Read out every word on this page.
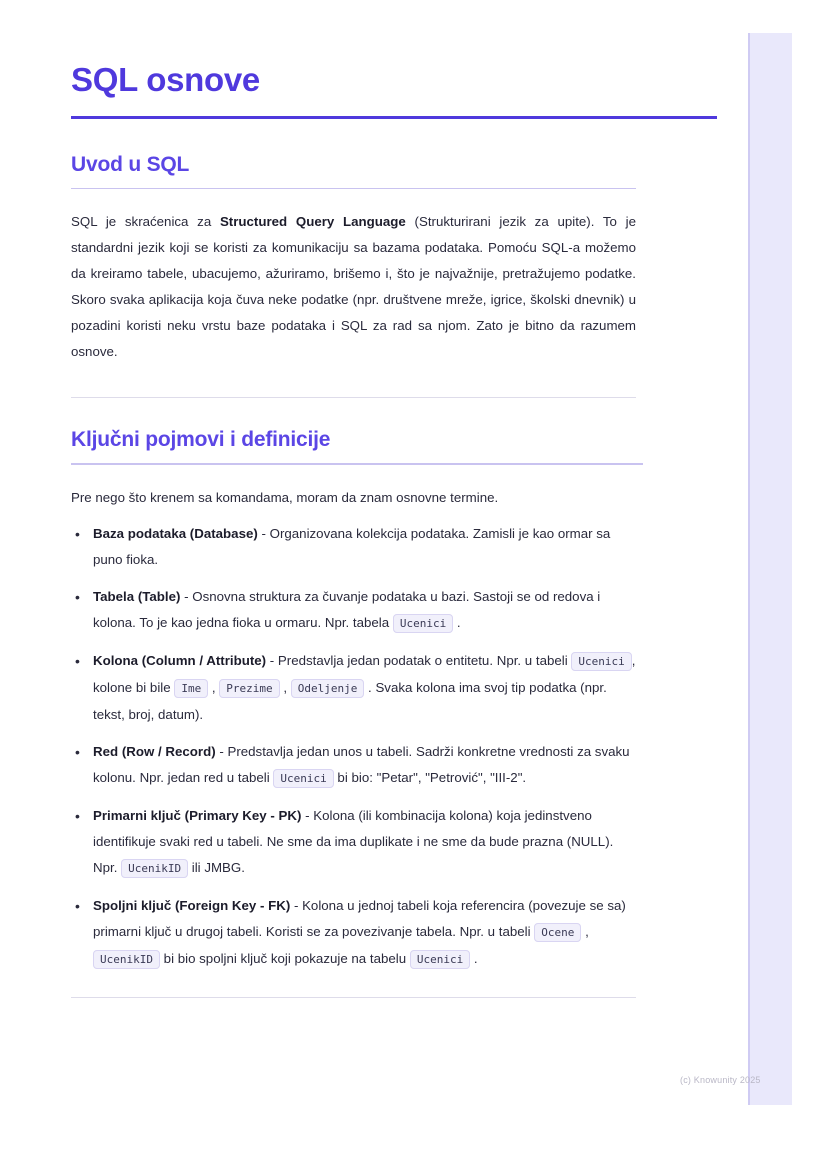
SQL osnove
Uvod u SQL

SQL je skraćenica za Structured Query Language (Strukturirani jezik za upite). To je standardni jezik koji se koristi za komunikaciju sa bazama podataka. Pomoću SQL-a možemo da kreiramo tabele, ubacujemo, ažuriramo, brišemo i, što je najvažnije, pretražujemo podatke. Skoro svaka aplikacija koja čuva neke podatke (npr. društvene mreže, igrice, školski dnevnik) u pozadini koristi neku vrstu baze podataka i SQL za rad sa njom. Zato je bitno da razumem osnove.

Ključni pojmovi i definicije

Pre nego što krenem sa komandama, moram da znam osnovne termine.

• Baza podataka (Database) - Organizovana kolekcija podataka. Zamisli je kao ormar sa puno fioka.
• Tabela (Table) - Osnovna struktura za čuvanje podataka u bazi. Sastoji se od redova i kolona. To je kao jedna fioka u ormaru. Npr. tabela Ucenici .
• Kolona (Column / Attribute) - Predstavlja jedan podatak o entitetu. Npr. u tabeli Ucenici , kolone bi bile Ime , Prezime , Odeljenje . Svaka kolona ima svoj tip podatka (npr. tekst, broj, datum).
• Red (Row / Record) - Predstavlja jedan unos u tabeli. Sadrži konkretne vrednosti za svaku kolonu. Npr. jedan red u tabeli Ucenici bi bio: "Petar", "Petrović", "III-2".
• Primarni ključ (Primary Key - PK) - Kolona (ili kombinacija kolona) koja jedinstveno identifikuje svaki red u tabeli. Ne sme da ima duplikate i ne sme da bude prazna (NULL). Npr. UcenikID ili JMBG.
• Spoljni ključ (Foreign Key - FK) - Kolona u jednoj tabeli koja referencira (povezuje se sa) primarni ključ u drugoj tabeli. Koristi se za povezivanje tabela. Npr. u tabeli Ocene , UcenikID bi bio spoljni ključ koji pokazuje na tabelu Ucenici .
(c) Knowunity 2025
